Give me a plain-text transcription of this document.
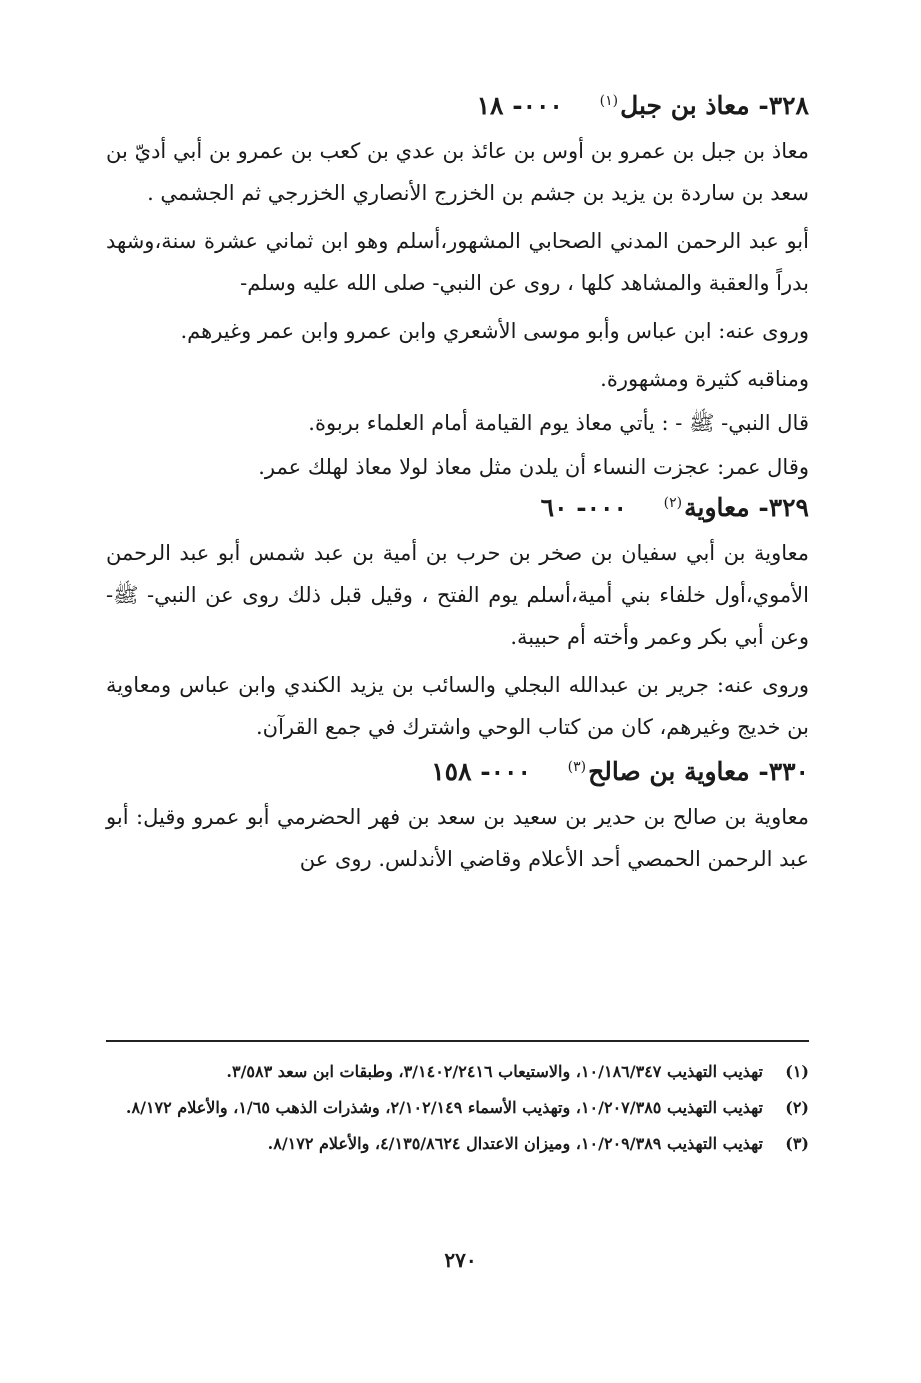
٣٢٨- معاذ بن جبل$^{(١)}$ ٠٠٠- ١٨

معاذ بن جبل بن عمرو بن أوس بن عائذ بن عدي بن كعب بن عمرو بن أبي أديّ بن سعد بن ساردة بن يزيد بن جشم بن الخزرج الأنصاري الخزرجي ثم الجشمي .

أبو عبد الرحمن المدني الصحابي المشهور،أسلم وهو ابن ثماني عشرة سنة،وشهد بدراً والعقبة والمشاهد كلها ، روى عن النبي- صلى الله عليه وسلم-

وروى عنه: ابن عباس وأبو موسى الأشعري وابن عمرو وابن عمر وغيرهم.

ومناقبه كثيرة ومشهورة.

قال النبي- ﷺ - : يأتي معاذ يوم القيامة أمام العلماء بربوة.

وقال عمر: عجزت النساء أن يلدن مثل معاذ لولا معاذ لهلك عمر.

٣٢٩- معاوية$^{(٢)}$ ٠٠٠- ٦٠

معاوية بن أبي سفيان بن صخر بن حرب بن أمية بن عبد شمس أبو عبد الرحمن الأموي،أول خلفاء بني أمية،أسلم يوم الفتح ، وقيل قبل ذلك روى عن النبي- ﷺ- وعن أبي بكر وعمر وأخته أم حبيبة.

وروى عنه: جرير بن عبدالله البجلي والسائب بن يزيد الكندي وابن عباس ومعاوية بن خديج وغيرهم، كان من كتاب الوحي واشترك في جمع القرآن.

٣٣٠- معاوية بن صالح$^{(٣)}$ ٠٠٠- ١٥٨

معاوية بن صالح بن حدير بن سعيد بن سعد بن فهر الحضرمي أبو عمرو وقيل: أبو عبد الرحمن الحمصي أحد الأعلام وقاضي الأندلس. روى عن

(١)
تهذيب التهذيب ١٠/١٨٦/٣٤٧، والاستيعاب ٣/١٤٠٢/٢٤١٦، وطبقات ابن سعد ٣/٥٨٣.
(٢)
تهذيب التهذيب ١٠/٢٠٧/٣٨٥، وتهذيب الأسماء ٢/١٠٢/١٤٩، وشذرات الذهب ١/٦٥، والأعلام ٨/١٧٢.
(٣)
تهذيب التهذيب ١٠/٢٠٩/٣٨٩، وميزان الاعتدال ٤/١٣٥/٨٦٢٤، والأعلام ٨/١٧٢.
٢٧٠
